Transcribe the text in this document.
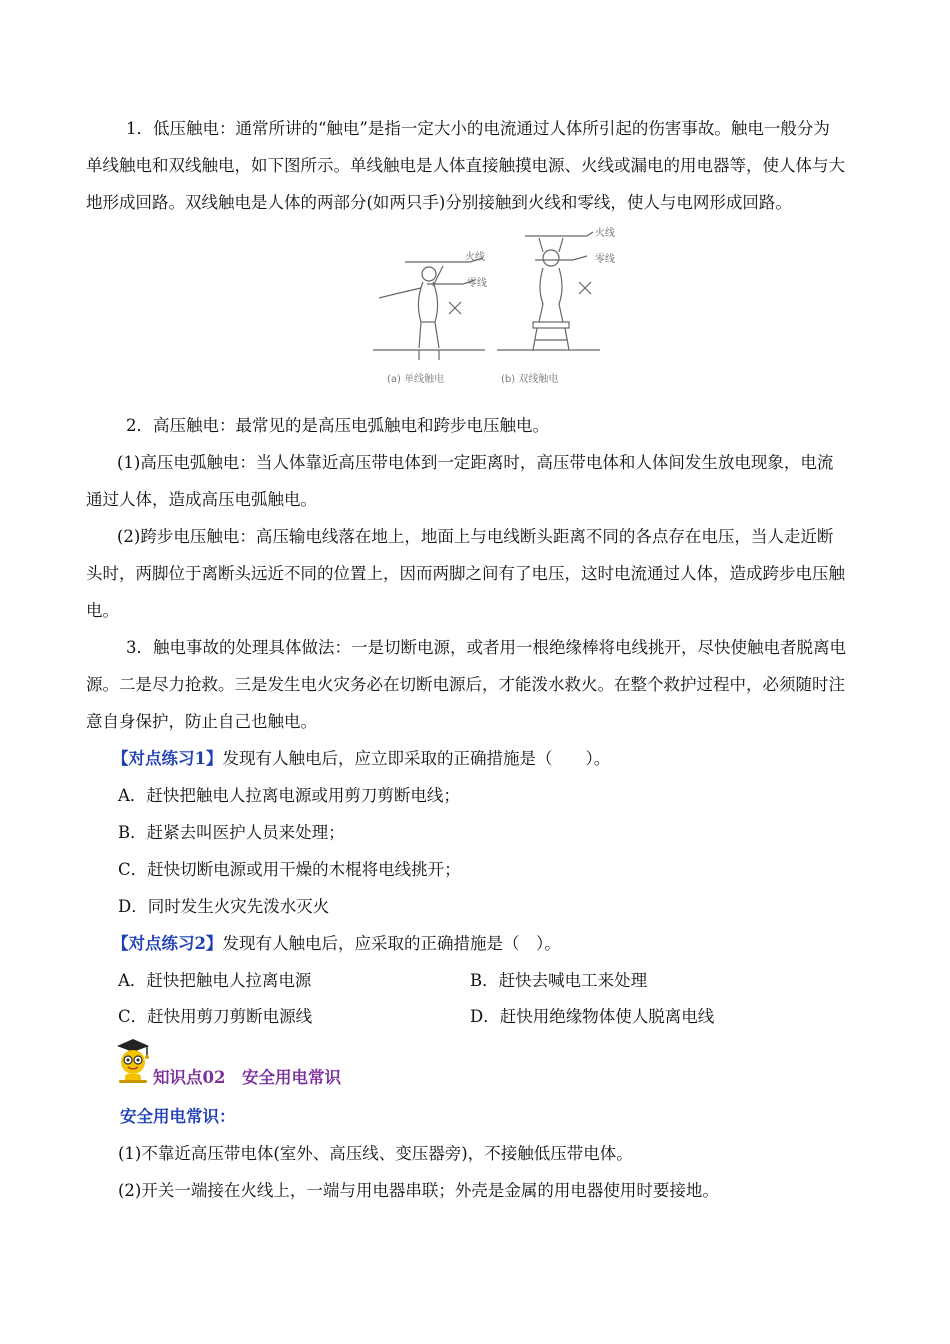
1．低压触电：通常所讲的“触电”是指一定大小的电流通过人体所引起的伤害事故。触电一般分为
单线触电和双线触电，如下图所示。单线触电是人体直接触摸电源、火线或漏电的用电器等，使人体与大
地形成回路。双线触电是人体的两部分(如两只手)分别接触到火线和零线，使人与电网形成回路。
火线
零线
火线
零线
(a) 单线触电	(b) 双线触电
2．高压触电：最常见的是高压电弧触电和跨步电压触电。
(1)高压电弧触电：当人体靠近高压带电体到一定距离时，高压带电体和人体间发生放电现象，电流
通过人体，造成高压电弧触电。
(2)跨步电压触电：高压输电线落在地上，地面上与电线断头距离不同的各点存在电压，当人走近断
头时，两脚位于离断头远近不同的位置上，因而两脚之间有了电压，这时电流通过人体，造成跨步电压触
电。
3．触电事故的处理具体做法：一是切断电源，或者用一根绝缘棒将电线挑开，尽快使触电者脱离电
源。二是尽力抢救。三是发生电火灾务必在切断电源后，才能泼水救火。在整个救护过程中，必须随时注
意自身保护，防止自己也触电。
【对点练习1】发现有人触电后，应立即采取的正确措施是（　　）。
A．赶快把触电人拉离电源或用剪刀剪断电线；
B．赶紧去叫医护人员来处理；
C．赶快切断电源或用干燥的木棍将电线挑开；
D．同时发生火灾先泼水灭火
【对点练习2】发现有人触电后，应采取的正确措施是（　）。
A．赶快把触电人拉离电源	B．赶快去喊电工来处理
C．赶快用剪刀剪断电源线	D．赶快用绝缘物体使人脱离电线
知识点02　安全用电常识
安全用电常识：
(1)不靠近高压带电体(室外、高压线、变压器旁)，不接触低压带电体。
(2)开关一端接在火线上，一端与用电器串联；外壳是金属的用电器使用时要接地。
